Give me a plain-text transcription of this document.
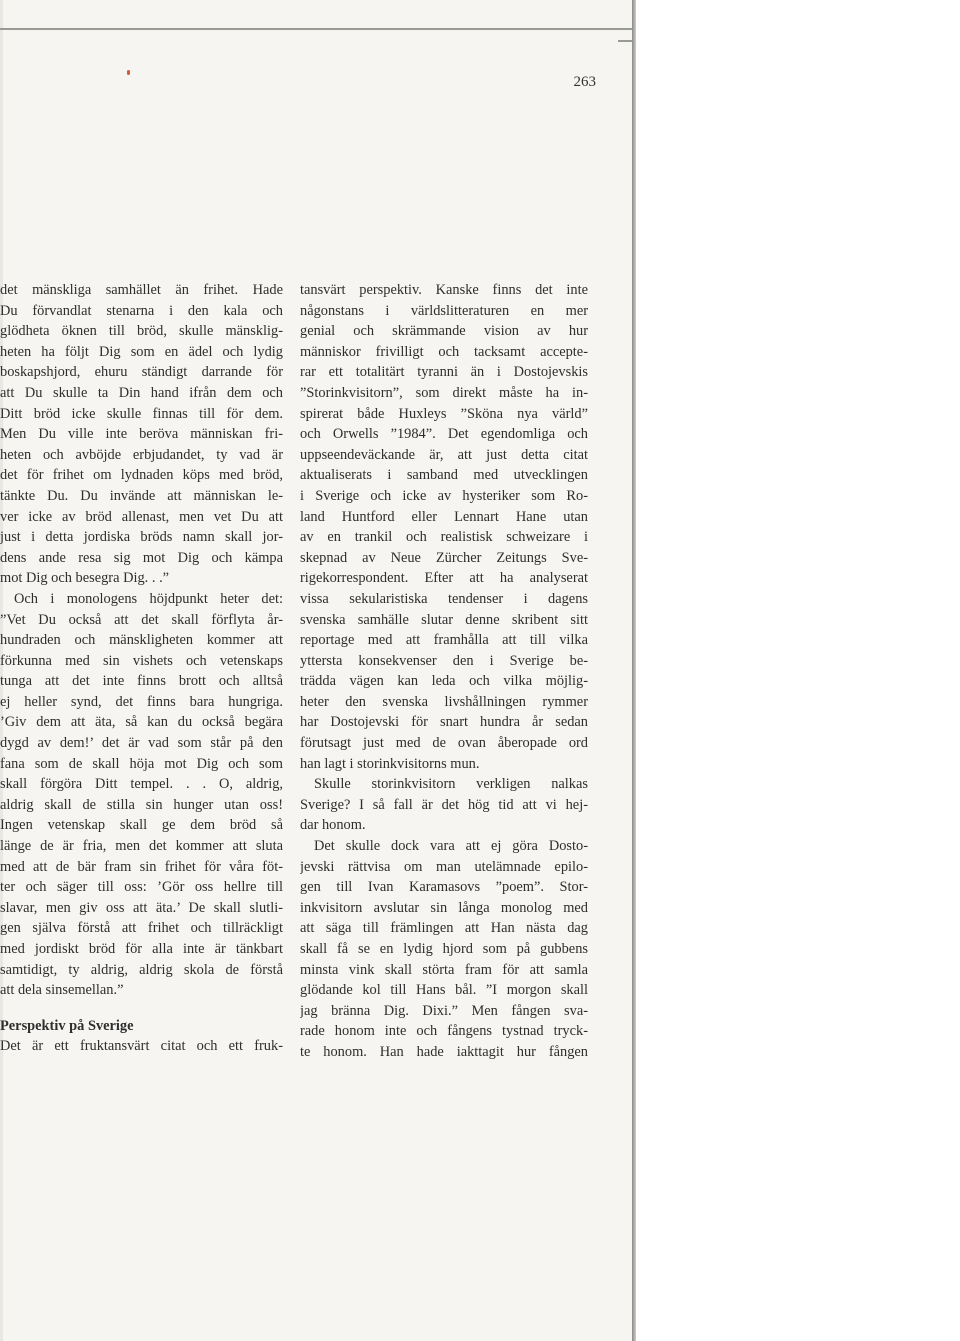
263
det mänskliga samhället än frihet. Hade
Du förvandlat stenarna i den kala och
glödheta öknen till bröd, skulle mänsklig-
heten ha följt Dig som en ädel och lydig
boskapshjord, ehuru ständigt darrande för
att Du skulle ta Din hand ifrån dem och
Ditt bröd icke skulle finnas till för dem.
Men Du ville inte beröva människan fri-
heten och avböjde erbjudandet, ty vad är
det för frihet om lydnaden köps med bröd,
tänkte Du. Du invände att människan le-
ver icke av bröd allenast, men vet Du att
just i detta jordiska bröds namn skall jor-
dens ande resa sig mot Dig och kämpa
mot Dig och besegra Dig. . .”
Och i monologens höjdpunkt heter det:
”Vet Du också att det skall förflyta år-
hundraden och mänskligheten kommer att
förkunna med sin vishets och vetenskaps
tunga att det inte finns brott och alltså
ej heller synd, det finns bara hungriga.
’Giv dem att äta, så kan du också begära
dygd av dem!’ det är vad som står på den
fana som de skall höja mot Dig och som
skall förgöra Ditt tempel. . . O, aldrig,
aldrig skall de stilla sin hunger utan oss!
Ingen vetenskap skall ge dem bröd så
länge de är fria, men det kommer att sluta
med att de bär fram sin frihet för våra föt-
ter och säger till oss: ’Gör oss hellre till
slavar, men giv oss att äta.’ De skall slutli-
gen själva förstå att frihet och tillräckligt
med jordiskt bröd för alla inte är tänkbart
samtidigt, ty aldrig, aldrig skola de förstå
att dela sinsemellan.”
Perspektiv på Sverige
Det är ett fruktansvärt citat och ett fruk-
tansvärt perspektiv. Kanske finns det inte
någonstans i världslitteraturen en mer
genial och skrämmande vision av hur
människor frivilligt och tacksamt accepte-
rar ett totalitärt tyranni än i Dostojevskis
”Storinkvisitorn”, som direkt måste ha in-
spirerat både Huxleys ”Sköna nya värld”
och Orwells ”1984”. Det egendomliga och
uppseendeväckande är, att just detta citat
aktualiserats i samband med utvecklingen
i Sverige och icke av hysteriker som Ro-
land Huntford eller Lennart Hane utan
av en trankil och realistisk schweizare i
skepnad av Neue Zürcher Zeitungs Sve-
rigekorrespondent. Efter att ha analyserat
vissa sekularistiska tendenser i dagens
svenska samhälle slutar denne skribent sitt
reportage med att framhålla att till vilka
yttersta konsekvenser den i Sverige be-
trädda vägen kan leda och vilka möjlig-
heter den svenska livshållningen rymmer
har Dostojevski för snart hundra år sedan
förutsagt just med de ovan åberopade ord
han lagt i storinkvisitorns mun.
Skulle storinkvisitorn verkligen nalkas
Sverige? I så fall är det hög tid att vi hej-
dar honom.
Det skulle dock vara att ej göra Dosto-
jevski rättvisa om man utelämnade epilo-
gen till Ivan Karamasovs ”poem”. Stor-
inkvisitorn avslutar sin långa monolog med
att säga till främlingen att Han nästa dag
skall få se en lydig hjord som på gubbens
minsta vink skall störta fram för att samla
glödande kol till Hans bål. ”I morgon skall
jag bränna Dig. Dixi.” Men fången sva-
rade honom inte och fångens tystnad tryck-
te honom. Han hade iakttagit hur fången
